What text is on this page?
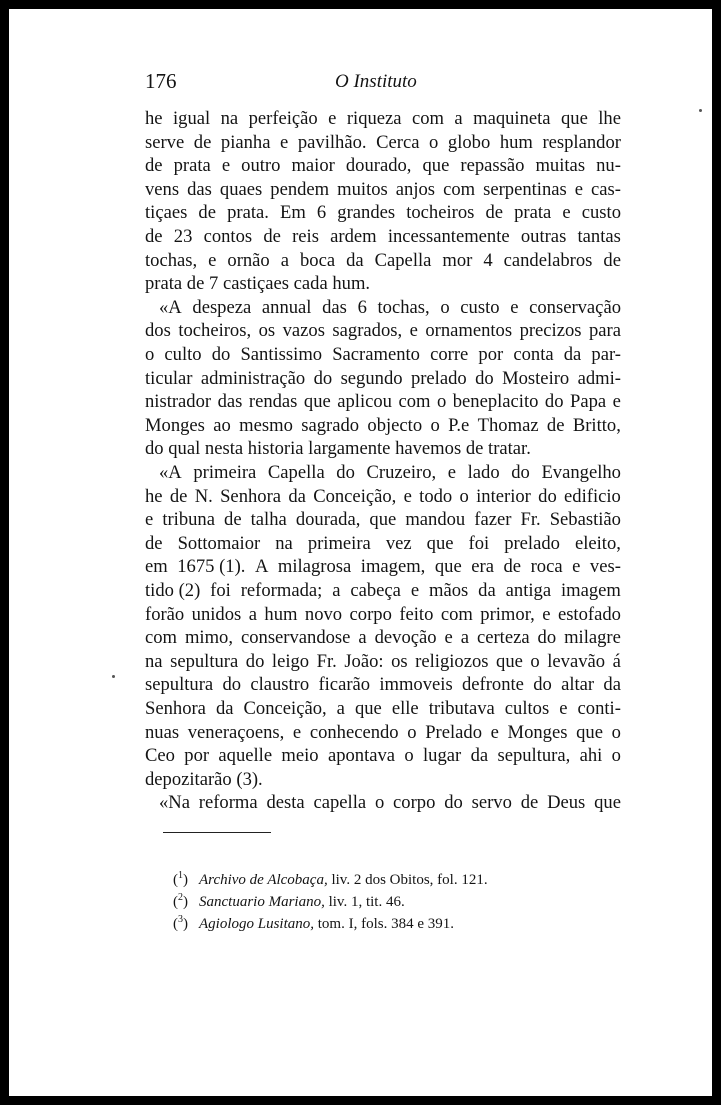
176	O Instituto
he igual na perfeição e riqueza com a maquineta que lhe
serve de pianha e pavilhão. Cerca o globo hum resplandor
de prata e outro maior dourado, que repassão muitas nu-
vens das quaes pendem muitos anjos com serpentinas e cas-
tiçaes de prata. Em 6 grandes tocheiros de prata e custo
de 23 contos de reis ardem incessantemente outras tantas
tochas, e ornão a boca da Capella mor 4 candelabros de
prata de 7 castiçaes cada hum.
«A despeza annual das 6 tochas, o custo e conservação
dos tocheiros, os vazos sagrados, e ornamentos precizos para
o culto do Santissimo Sacramento corre por conta da par-
ticular administração do segundo prelado do Mosteiro admi-
nistrador das rendas que aplicou com o beneplacito do Papa e
Monges ao mesmo sagrado objecto o P.e Thomaz de Britto,
do qual nesta historia largamente havemos de tratar.
«A primeira Capella do Cruzeiro, e lado do Evangelho
he de N. Senhora da Conceição, e todo o interior do edificio
e tribuna de talha dourada, que mandou fazer Fr. Sebastião
de Sottomaior na primeira vez que foi prelado eleito,
em 1675 (1). A milagrosa imagem, que era de roca e ves-
tido (2) foi reformada; a cabeça e mãos da antiga imagem
forão unidos a hum novo corpo feito com primor, e estofado
com mimo, conservandose a devoção e a certeza do milagre
na sepultura do leigo Fr. João: os religiozos que o levavão á
sepultura do claustro ficarão immoveis defronte do altar da
Senhora da Conceição, a que elle tributava cultos e conti-
nuas veneraçoens, e conhecendo o Prelado e Monges que o
Ceo por aquelle meio apontava o lugar da sepultura, ahi o
depozitarão (3).
«Na reforma desta capella o corpo do servo de Deus que
($^1$) Archivo de Alcobaça, liv. 2 dos Obitos, fol. 121.
($^2$) Sanctuario Mariano, liv. 1, tit. 46.
($^3$) Agiologo Lusitano, tom. I, fols. 384 e 391.
